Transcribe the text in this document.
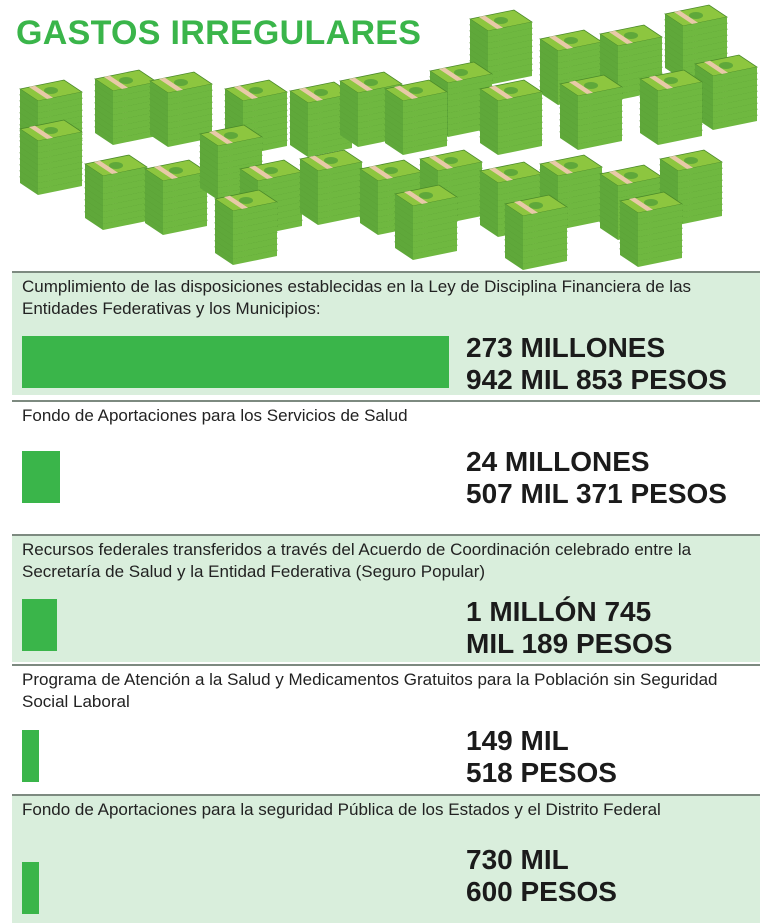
GASTOS IRREGULARES
Cumplimiento de las disposiciones establecidas en la Ley de Disciplina Financiera de las Entidades Federativas y los Municipios:
273 MILLONES
942 MIL 853 PESOS
Fondo de Aportaciones para los Servicios de Salud
24 MILLONES
507 MIL 371 PESOS
Recursos federales transferidos a través del Acuerdo de Coordinación celebrado entre la Secretaría de Salud y la Entidad Federativa (Seguro Popular)
1 MILLÓN 745
MIL 189 PESOS
Programa de Atención a la Salud y Medicamentos Gratuitos para la Población sin Seguridad Social Laboral
149 MIL
518 PESOS
Fondo de Aportaciones para la seguridad Pública de los Estados y el Distrito Federal
730 MIL
600 PESOS
